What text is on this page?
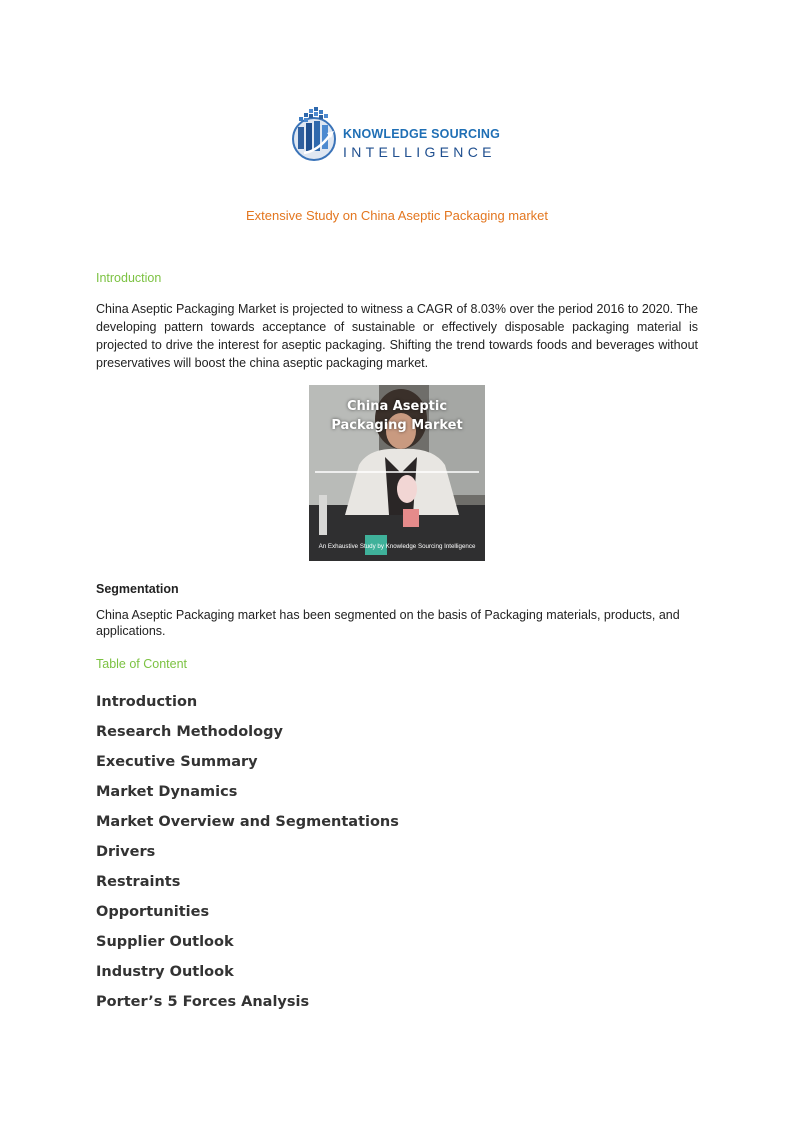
KNOWLEDGE SOURCING
INTELLIGENCE
Extensive Study on China Aseptic Packaging market
Introduction

China Aseptic Packaging Market is projected to witness a CAGR of 8.03% over the period 2016 to 2020. The developing pattern towards acceptance of sustainable or effectively disposable packaging material is projected to drive the interest for aseptic packaging. Shifting the trend towards foods and beverages without preservatives will boost the china aseptic packaging market.

China Aseptic Packaging Market
An Exhaustive Study by Knowledge Sourcing Intelligence
Segmentation

China Aseptic Packaging market has been segmented on the basis of Packaging materials, products, and applications.

Table of Content
Introduction
Research Methodology
Executive Summary
Market Dynamics
Market Overview and Segmentations
Drivers
Restraints
Opportunities
Supplier Outlook
Industry Outlook
Porter’s 5 Forces Analysis
